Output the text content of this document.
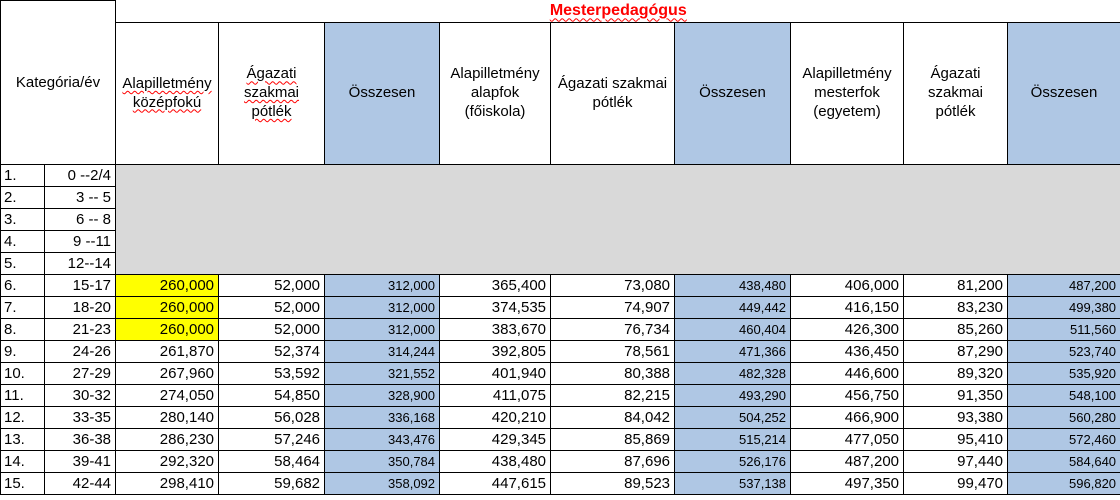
Kategória/év		Mesterpedagógus								
		Alapilletmény középfokú	Ágazati szakmai pótlék	Összesen	Alapilletmény alapfok (főiskola)	Ágazati szakmai pótlék	Összesen	Alapilletmény mesterfok (egyetem)	Ágazati szakmai pótlék	Összesen
1.	0 --2/4									
2.	3 -- 5									
3.	6 -- 8									
4.	9 --11									
5.	12--14									
6.	15-17	260,000	52,000	312,000	365,400	73,080	438,480	406,000	81,200	487,200
7.	18-20	260,000	52,000	312,000	374,535	74,907	449,442	416,150	83,230	499,380
8.	21-23	260,000	52,000	312,000	383,670	76,734	460,404	426,300	85,260	511,560
9.	24-26	261,870	52,374	314,244	392,805	78,561	471,366	436,450	87,290	523,740
10.	27-29	267,960	53,592	321,552	401,940	80,388	482,328	446,600	89,320	535,920
11.	30-32	274,050	54,850	328,900	411,075	82,215	493,290	456,750	91,350	548,100
12.	33-35	280,140	56,028	336,168	420,210	84,042	504,252	466,900	93,380	560,280
13.	36-38	286,230	57,246	343,476	429,345	85,869	515,214	477,050	95,410	572,460
14.	39-41	292,320	58,464	350,784	438,480	87,696	526,176	487,200	97,440	584,640
15.	42-44	298,410	59,682	358,092	447,615	89,523	537,138	497,350	99,470	596,820
